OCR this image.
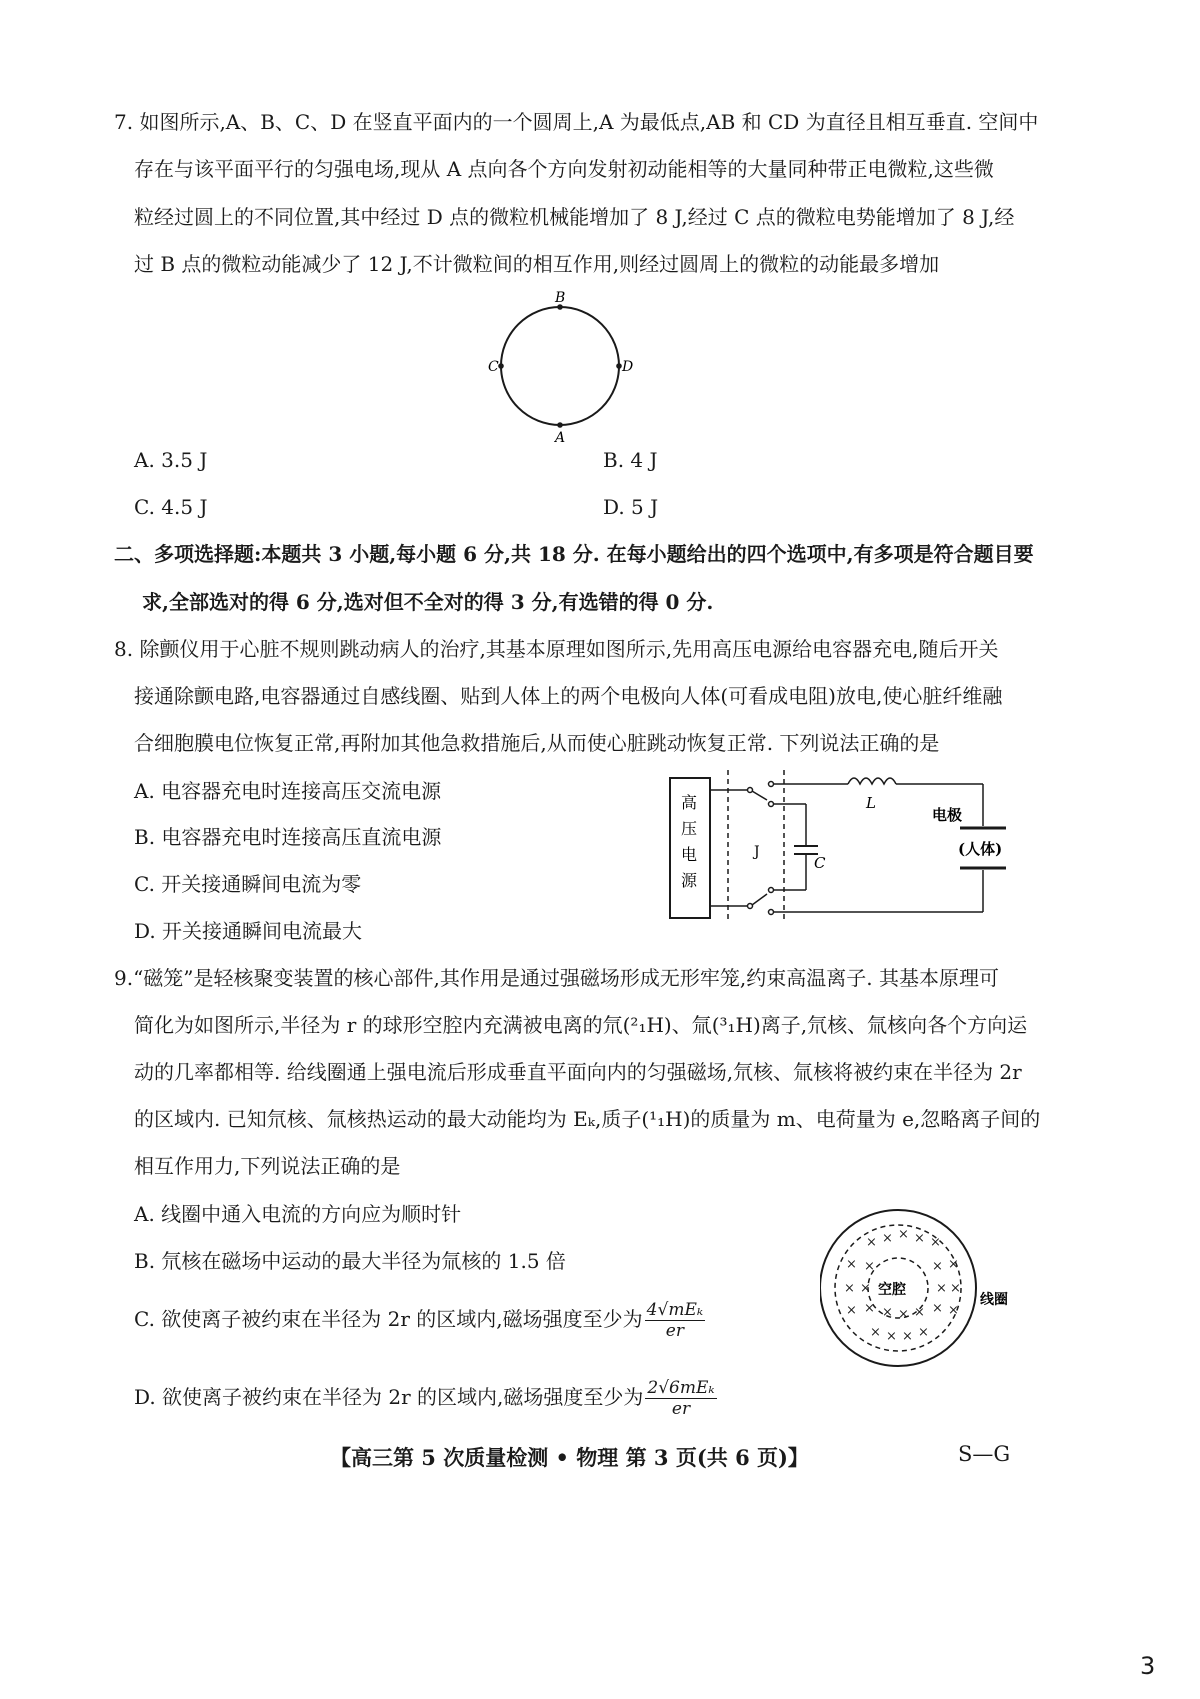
7. 如图所示,A、B、C、D 在竖直平面内的一个圆周上,A 为最低点,AB 和 CD 为直径且相互垂直. 空间中
存在与该平面平行的匀强电场,现从 A 点向各个方向发射初动能相等的大量同种带正电微粒,这些微
粒经过圆上的不同位置,其中经过 D 点的微粒机械能增加了 8 J,经过 C 点的微粒电势能增加了 8 J,经
过 B 点的微粒动能减少了 12 J,不计微粒间的相互作用,则经过圆周上的微粒的动能最多增加
B
A
C	D
A. 3.5 J	B. 4 J
C. 4.5 J	D. 5 J
二、多项选择题:本题共 3 小题,每小题 6 分,共 18 分. 在每小题给出的四个选项中,有多项是符合题目要
求,全部选对的得 6 分,选对但不全对的得 3 分,有选错的得 0 分.
8. 除颤仪用于心脏不规则跳动病人的治疗,其基本原理如图所示,先用高压电源给电容器充电,随后开关
接通除颤电路,电容器通过自感线圈、贴到人体上的两个电极向人体(可看成电阻)放电,使心脏纤维融
合细胞膜电位恢复正常,再附加其他急救措施后,从而使心脏跳动恢复正常. 下列说法正确的是
A. 电容器充电时连接高压交流电源
B. 电容器充电时连接高压直流电源
C. 开关接通瞬间电流为零
D. 开关接通瞬间电流最大
高
压
电
源
J
C
L
电极
(人体)
9.“磁笼”是轻核聚变装置的核心部件,其作用是通过强磁场形成无形牢笼,约束高温离子. 其基本原理可
简化为如图所示,半径为 r 的球形空腔内充满被电离的氘(²₁H)、氚(³₁H)离子,氘核、氚核向各个方向运
动的几率都相等. 给线圈通上强电流后形成垂直平面向内的匀强磁场,氘核、氚核将被约束在半径为 2r
的区域内. 已知氘核、氚核热运动的最大动能均为 Eₖ,质子(¹₁H)的质量为 m、电荷量为 e,忽略离子间的
相互作用力,下列说法正确的是
A. 线圈中通入电流的方向应为顺时针
B. 氘核在磁场中运动的最大半径为氚核的 1.5 倍
C. 欲使离子被约束在半径为 2r 的区域内,磁场强度至少为 $\frac{\text{4√mEₖ}}{er}$
D. 欲使离子被约束在半径为 2r 的区域内,磁场强度至少为 $\frac{\text{2√6mEₖ}}{er}$
空腔
线圈
× × × × ×
× ×	× ×
× ×	× ×
× × × × × × ×
× × × ×
【高三第 5 次质量检测 • 物理 第 3 页(共 6 页)】	S—G
3
